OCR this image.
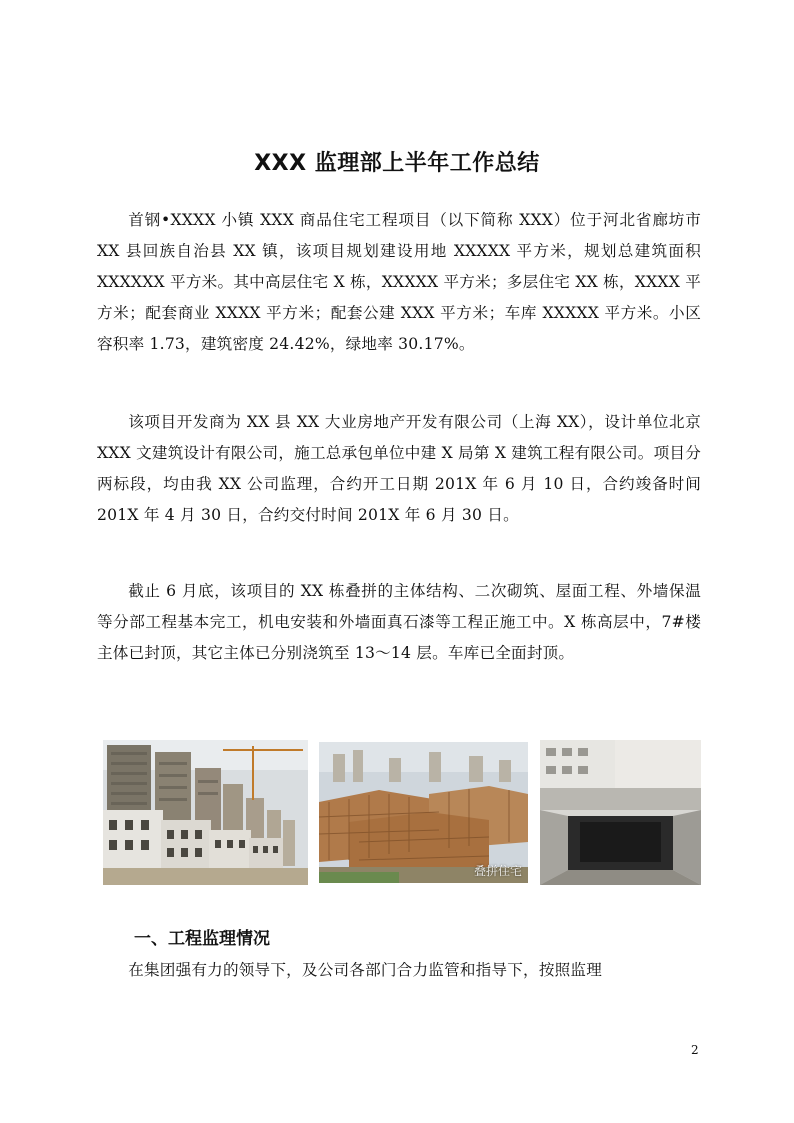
XXX 监理部上半年工作总结

首钢•XXXX 小镇 XXX 商品住宅工程项目（以下简称 XXX）位于河北省廊坊市 XX 县回族自治县 XX 镇，该项目规划建设用地 XXXXX 平方米，规划总建筑面积 XXXXXX 平方米。其中高层住宅 X 栋，XXXXX 平方米；多层住宅 XX 栋，XXXX 平方米；配套商业 XXXX 平方米；配套公建 XXX 平方米；车库 XXXXX 平方米。小区容积率 1.73，建筑密度 24.42%，绿地率 30.17%。

该项目开发商为 XX 县 XX 大业房地产开发有限公司（上海 XX），设计单位北京 XXX 文建筑设计有限公司，施工总承包单位中建 X 局第 X 建筑工程有限公司。项目分两标段，均由我 XX 公司监理，合约开工日期 201X 年 6 月 10 日，合约竣备时间 201X 年 4 月 30 日，合约交付时间 201X 年 6 月 30 日。

截止 6 月底，该项目的 XX 栋叠拼的主体结构、二次砌筑、屋面工程、外墙保温等分部工程基本完工，机电安装和外墙面真石漆等工程正施工中。X 栋高层中，7#楼主体已封顶，其它主体已分别浇筑至 13～14 层。车库已全面封顶。

叠拼住宅
一、工程监理情况

在集团强有力的领导下，及公司各部门合力监管和指导下，按照监理

2
